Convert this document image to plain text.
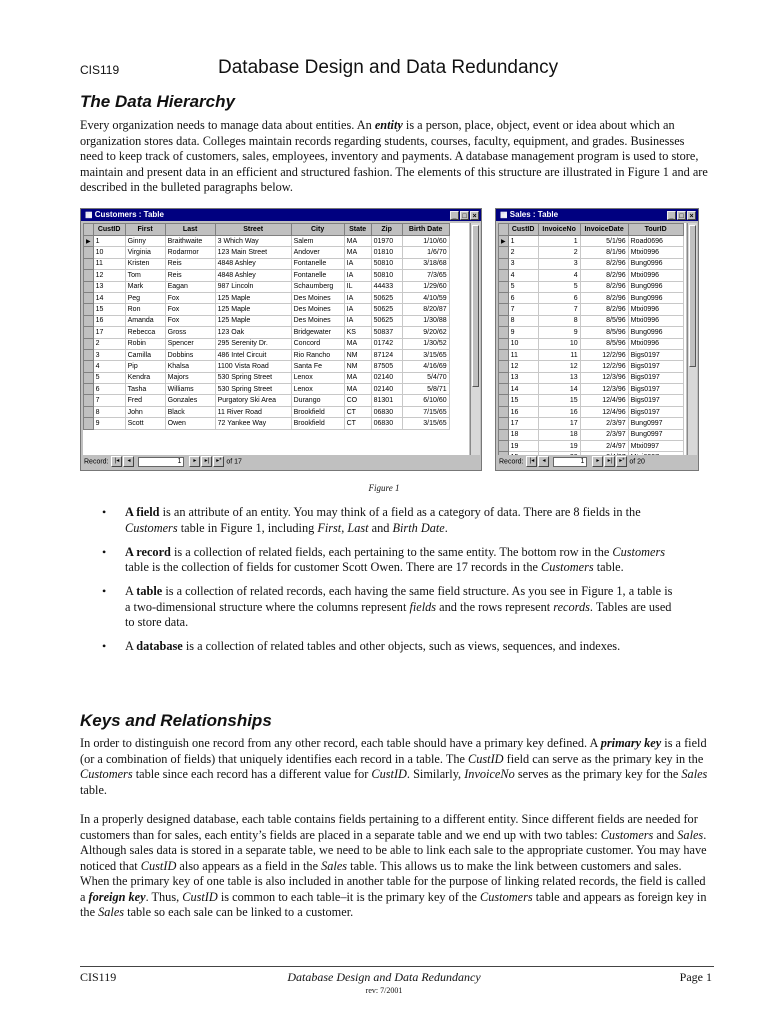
CIS119	Database Design and Data Redundancy
The Data Hierarchy
Every organization needs to manage data about entities. An entity is a person, place, object, event or idea about which an organization stores data. Colleges maintain records regarding students, courses, faculty, equipment, and grades. Businesses need to keep track of customers, sales, employees, inventory and payments. A database management program is used to store, maintain and present data in an efficient and structured fashion. The elements of this structure are illustrated in Figure 1 and are described in the bulleted paragraphs below.
▦ Customers : Table	_ □ ×
	CustID	First	Last	Street	City	State	Zip	Birth Date
▶	1	Ginny	Braithwaite	3 Which Way	Salem	MA	01970	1/10/60
	10	Virginia	Rodarmor	123 Main Street	Andover	MA	01810	1/6/70
	11	Kristen	Reis	4848 Ashley	Fontanelle	IA	50810	3/18/68
	12	Tom	Reis	4848 Ashley	Fontanelle	IA	50810	7/3/65
	13	Mark	Eagan	987 Lincoln	Schaumberg	IL	44433	1/29/60
	14	Peg	Fox	125 Maple	Des Moines	IA	50625	4/10/59
	15	Ron	Fox	125 Maple	Des Moines	IA	50625	8/20/87
	16	Amanda	Fox	125 Maple	Des Moines	IA	50625	1/30/88
	17	Rebecca	Gross	123 Oak	Bridgewater	KS	50837	9/20/62
	2	Robin	Spencer	295 Serenity Dr.	Concord	MA	01742	1/30/52
	3	Camilla	Dobbins	486 Intel Circuit	Rio Rancho	NM	87124	3/15/65
	4	Pip	Khalsa	1100 Vista Road	Santa Fe	NM	87505	4/16/69
	5	Kendra	Majors	530 Spring Street	Lenox	MA	02140	5/4/70
	6	Tasha	Williams	530 Spring Street	Lenox	MA	02140	5/8/71
	7	Fred	Gonzales	Purgatory Ski Area	Durango	CO	81301	6/10/60
	8	John	Black	11 River Road	Brookfield	CT	06830	7/15/65
	9	Scott	Owen	72 Yankee Way	Brookfield	CT	06830	3/15/65
Record: |◂ ◂	1 ▸ ▸| ▸* of 17
▦ Sales : Table	_ □ ×
	CustID	InvoiceNo	InvoiceDate	TourID
▶	1	1	5/1/96	Road0696
	2	2	8/1/96	Mtxi0996
	3	3	8/2/96	Bung0996
	4	4	8/2/96	Mtxi0996
	5	5	8/2/96	Bung0996
	6	6	8/2/96	Bung0996
	7	7	8/2/96	Mtxi0996
	8	8	8/5/96	Mtxi0996
	9	9	8/5/96	Bung0996
	10	10	8/5/96	Mtxi0996
	11	11	12/2/96	Bigs0197
	12	12	12/2/96	Bigs0197
	13	13	12/3/96	Bigs0197
	14	14	12/3/96	Bigs0197
	15	15	12/4/96	Bigs0197
	16	16	12/4/96	Bigs0197
	17	17	2/3/97	Bung0997
	18	18	2/3/97	Bung0997
	19	19	2/4/97	Mtxi0997

Record: |◂ ◂	1 ▸ ▸| ▸* of 20
Figure 1
• A field is an attribute of an entity. You may think of a field as a category of data. There are 8 fields in the Customers table in Figure 1, including First, Last and Birth Date.
• A record is a collection of related fields, each pertaining to the same entity. The bottom row in the Customers table is the collection of fields for customer Scott Owen. There are 17 records in the Customers table.
• A table is a collection of related records, each having the same field structure. As you see in Figure 1, a table is a two-dimensional structure where the columns represent fields and the rows represent records. Tables are used to store data.
• A database is a collection of related tables and other objects, such as views, sequences, and indexes.
Keys and Relationships
In order to distinguish one record from any other record, each table should have a primary key defined. A primary key is a field (or a combination of fields) that uniquely identifies each record in a table. The CustID field can serve as the primary key in the Customers table since each record has a different value for CustID. Similarly, InvoiceNo serves as the primary key for the Sales table.
In a properly designed database, each table contains fields pertaining to a different entity. Since different fields are needed for customers than for sales, each entity’s fields are placed in a separate table and we end up with two tables: Customers and Sales. Although sales data is stored in a separate table, we need to be able to link each sale to the appropriate customer. You may have noticed that CustID also appears as a field in the Sales table. This allows us to make the link between customers and sales. When the primary key of one table is also included in another table for the purpose of linking related records, the field is called a foreign key. Thus, CustID is common to each table–it is the primary key of the Customers table and appears as foreign key in the Sales table so each sale can be linked to a customer.
CIS119	Database Design and Data Redundancy
rev: 7/2001
Page 1
